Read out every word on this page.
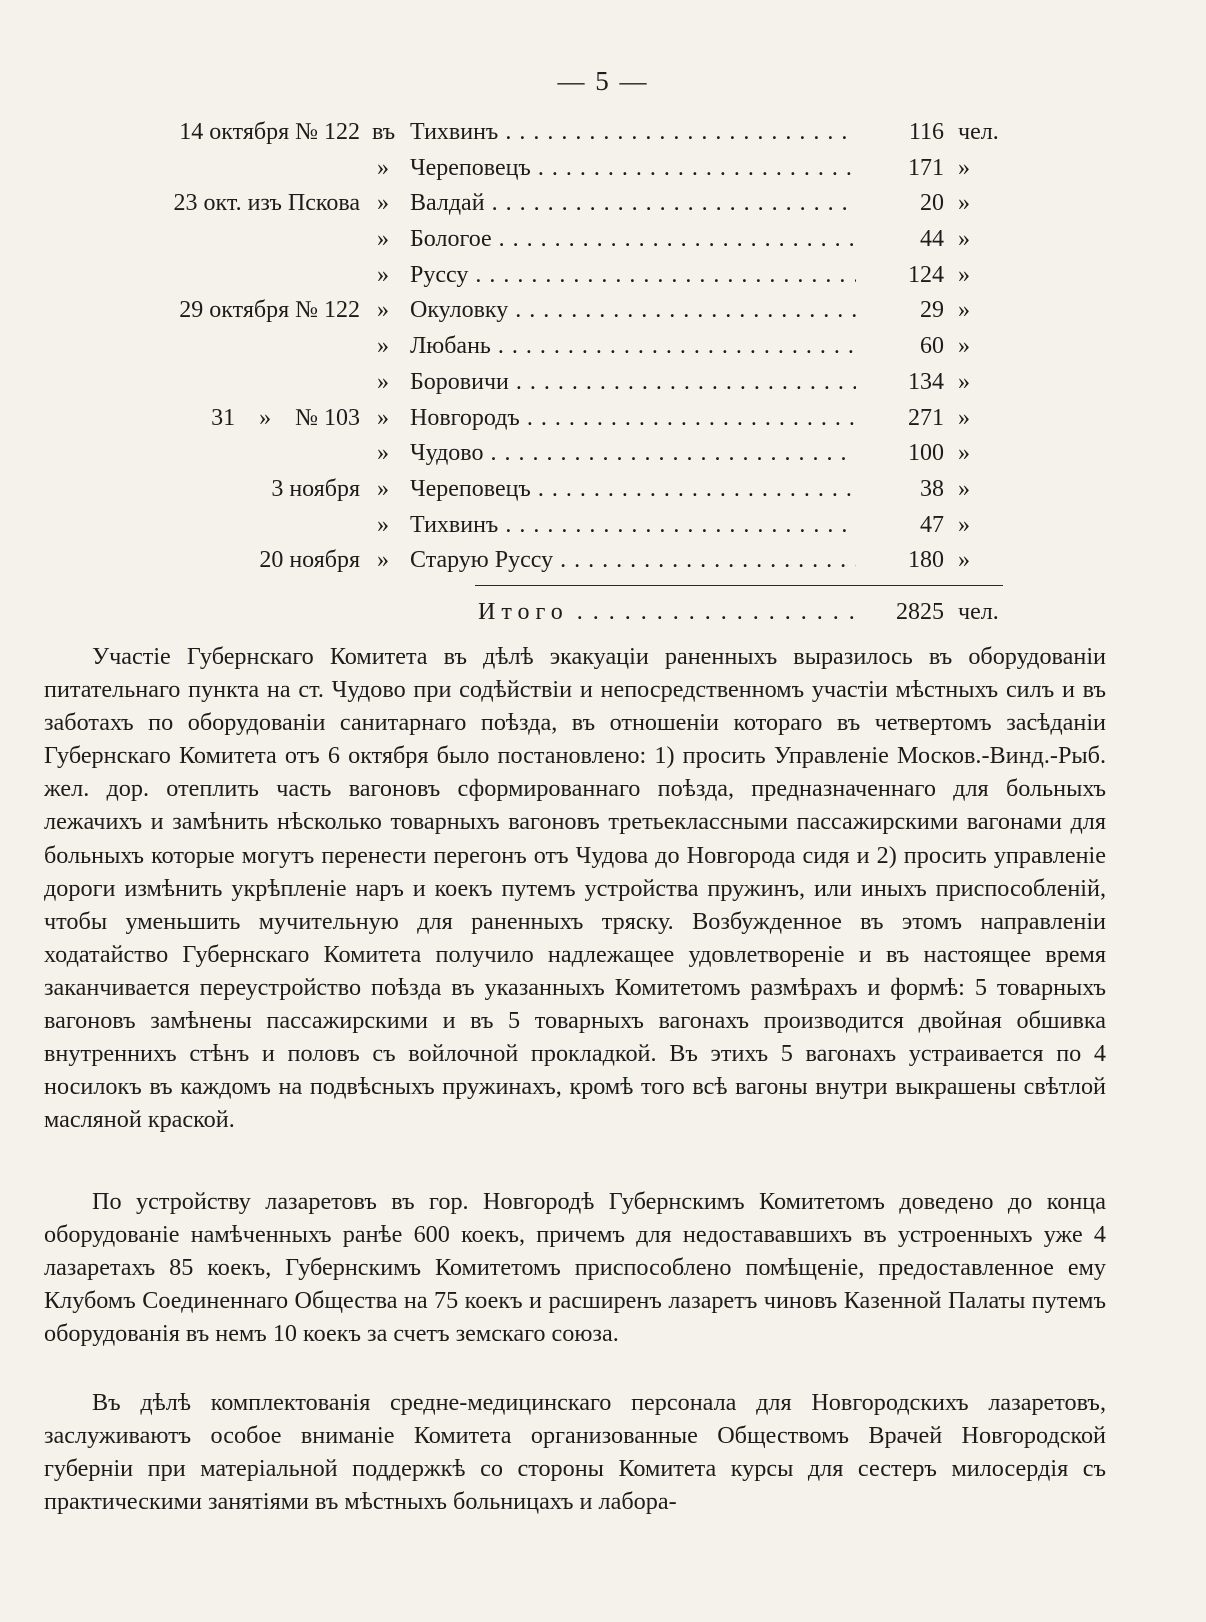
— 5 —
14 октября № 122 въ Тихвинъ . . .	116 чел.
» Череповецъ . . .	171 »
23 окт. изъ Пскова » Валдай . . .	20 »
» Бологое . . .	44 »
» Руссу . . .	124 »
29 октября № 122 » Окуловку . . .	29 »
» Любань . . .	60 »
» Боровичи . . .	134 »
31    »    № 103 » Новгородъ . . .	271 »
» Чудово . . .	100 »
3 ноября » Череповецъ . . .	38 »
» Тихвинъ . . .	47 »
20 ноября » Старую Руссу . . .	180 »
Итого . . .	2825 чел.

Участіе Губернскаго Комитета въ дѣлѣ экакуаціи раненныхъ выразилось въ оборудованіи питательнаго пункта на ст. Чудово при содѣйствіи и непосредственномъ участіи мѣстныхъ силъ и въ заботахъ по оборудованіи санитарнаго поѣзда, въ отношеніи котораго въ четвертомъ засѣданіи Губернскаго Комитета отъ 6 октября было постановлено: 1) просить Управленіе Москов.-Винд.-Рыб. жел. дор. отеплить часть вагоновъ сформированнаго поѣзда, предназначеннаго для больныхъ лежачихъ и замѣнить нѣсколько товарныхъ вагоновъ третьеклассными пассажирскими вагонами для больныхъ которые могутъ перенести перегонъ отъ Чудова до Новгорода сидя и 2) просить управленіе дороги измѣнить укрѣпленіе наръ и коекъ путемъ устройства пружинъ, или иныхъ приспособленій, чтобы уменьшить мучительную для раненныхъ тряску. Возбужденное въ этомъ направленіи ходатайство Губернскаго Комитета получило надлежащее удовлетвореніе и въ настоящее время заканчивается переустройство поѣзда въ указанныхъ Комитетомъ размѣрахъ и формѣ: 5 товарныхъ вагоновъ замѣнены пассажирскими и въ 5 товарныхъ вагонахъ производится двойная обшивка внутреннихъ стѣнъ и половъ съ войлочной прокладкой. Въ этихъ 5 вагонахъ устраивается по 4 носилокъ въ каждомъ на подвѣсныхъ пружинахъ, кромѣ того всѣ вагоны внутри выкрашены свѣтлой масляной краской.

По устройству лазаретовъ въ гор. Новгородѣ Губернскимъ Комитетомъ доведено до конца оборудованіе намѣченныхъ ранѣе 600 коекъ, причемъ для недостававшихъ въ устроенныхъ уже 4 лазаретахъ 85 коекъ, Губернскимъ Комитетомъ приспособлено помѣщеніе, предоставленное ему Клубомъ Соединеннаго Общества на 75 коекъ и расширенъ лазаретъ чиновъ Казенной Палаты путемъ оборудованія въ немъ 10 коекъ за счетъ земскаго союза.

Въ дѣлѣ комплектованія средне-медицинскаго персонала для Новгородскихъ лазаретовъ, заслуживаютъ особое вниманіе Комитета организованные Обществомъ Врачей Новгородской губерніи при матеріальной поддержкѣ со стороны Комитета курсы для сестеръ милосердія съ практическими занятіями въ мѣстныхъ больницахъ и лабора-
